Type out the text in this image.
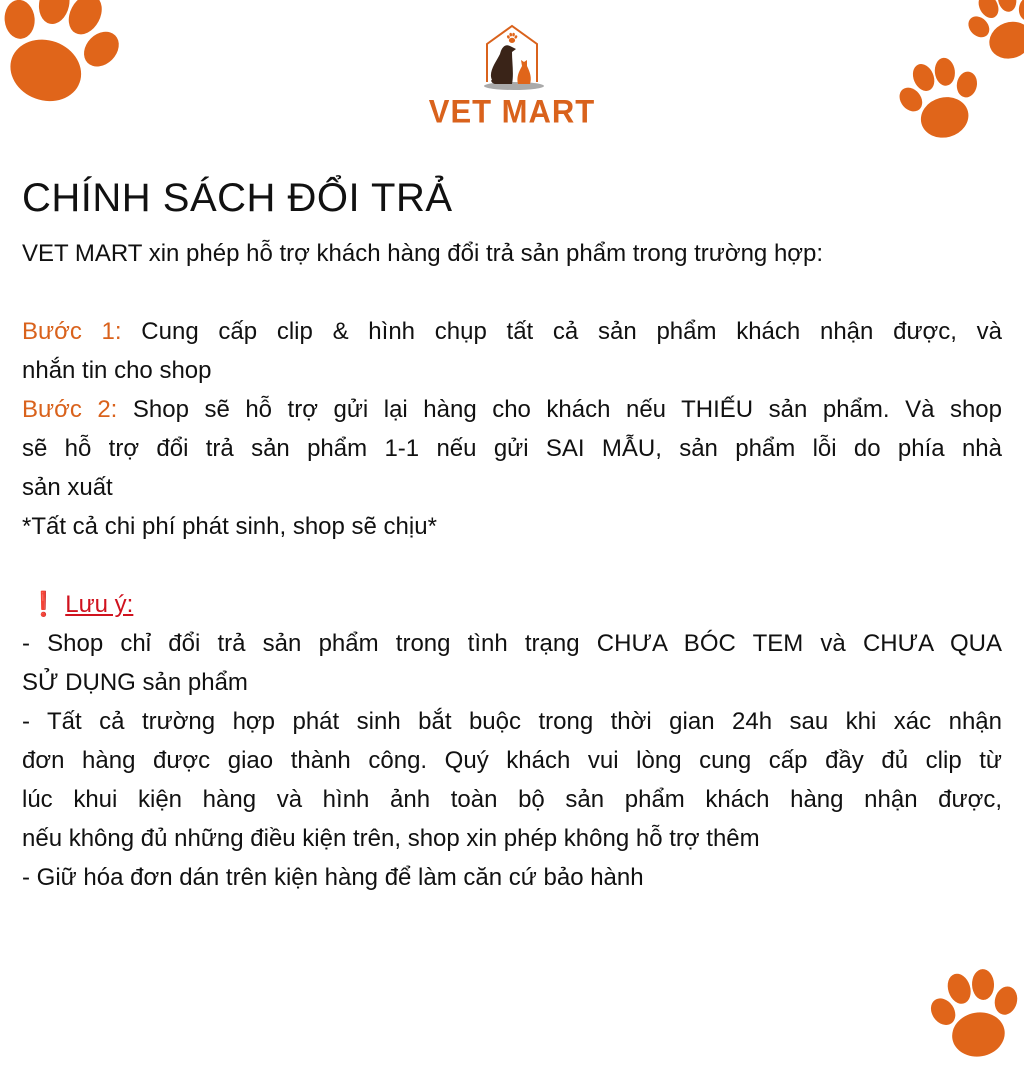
VET MART
CHÍNH SÁCH ĐỔI TRẢ
VET MART xin phép hỗ trợ khách hàng đổi trả sản phẩm trong trường hợp:
Bước 1: Cung cấp clip & hình chụp tất cả sản phẩm khách nhận được, và
nhắn tin cho shop
Bước 2: Shop sẽ hỗ trợ gửi lại hàng cho khách nếu THIẾU sản phẩm. Và shop
sẽ hỗ trợ đổi trả sản phẩm 1-1 nếu gửi SAI MẪU, sản phẩm lỗi do phía nhà
sản xuất
*Tất cả chi phí phát sinh, shop sẽ chịu*
❗ Lưu ý:
- Shop chỉ đổi trả sản phẩm trong tình trạng CHƯA BÓC TEM và CHƯA QUA
SỬ DỤNG sản phẩm
- Tất cả trường hợp phát sinh bắt buộc trong thời gian 24h sau khi xác nhận
đơn hàng được giao thành công. Quý khách vui lòng cung cấp đầy đủ clip từ
lúc khui kiện hàng và hình ảnh toàn bộ sản phẩm khách hàng nhận được,
nếu không đủ những điều kiện trên, shop xin phép không hỗ trợ thêm
- Giữ hóa đơn dán trên kiện hàng để làm căn cứ bảo hành
